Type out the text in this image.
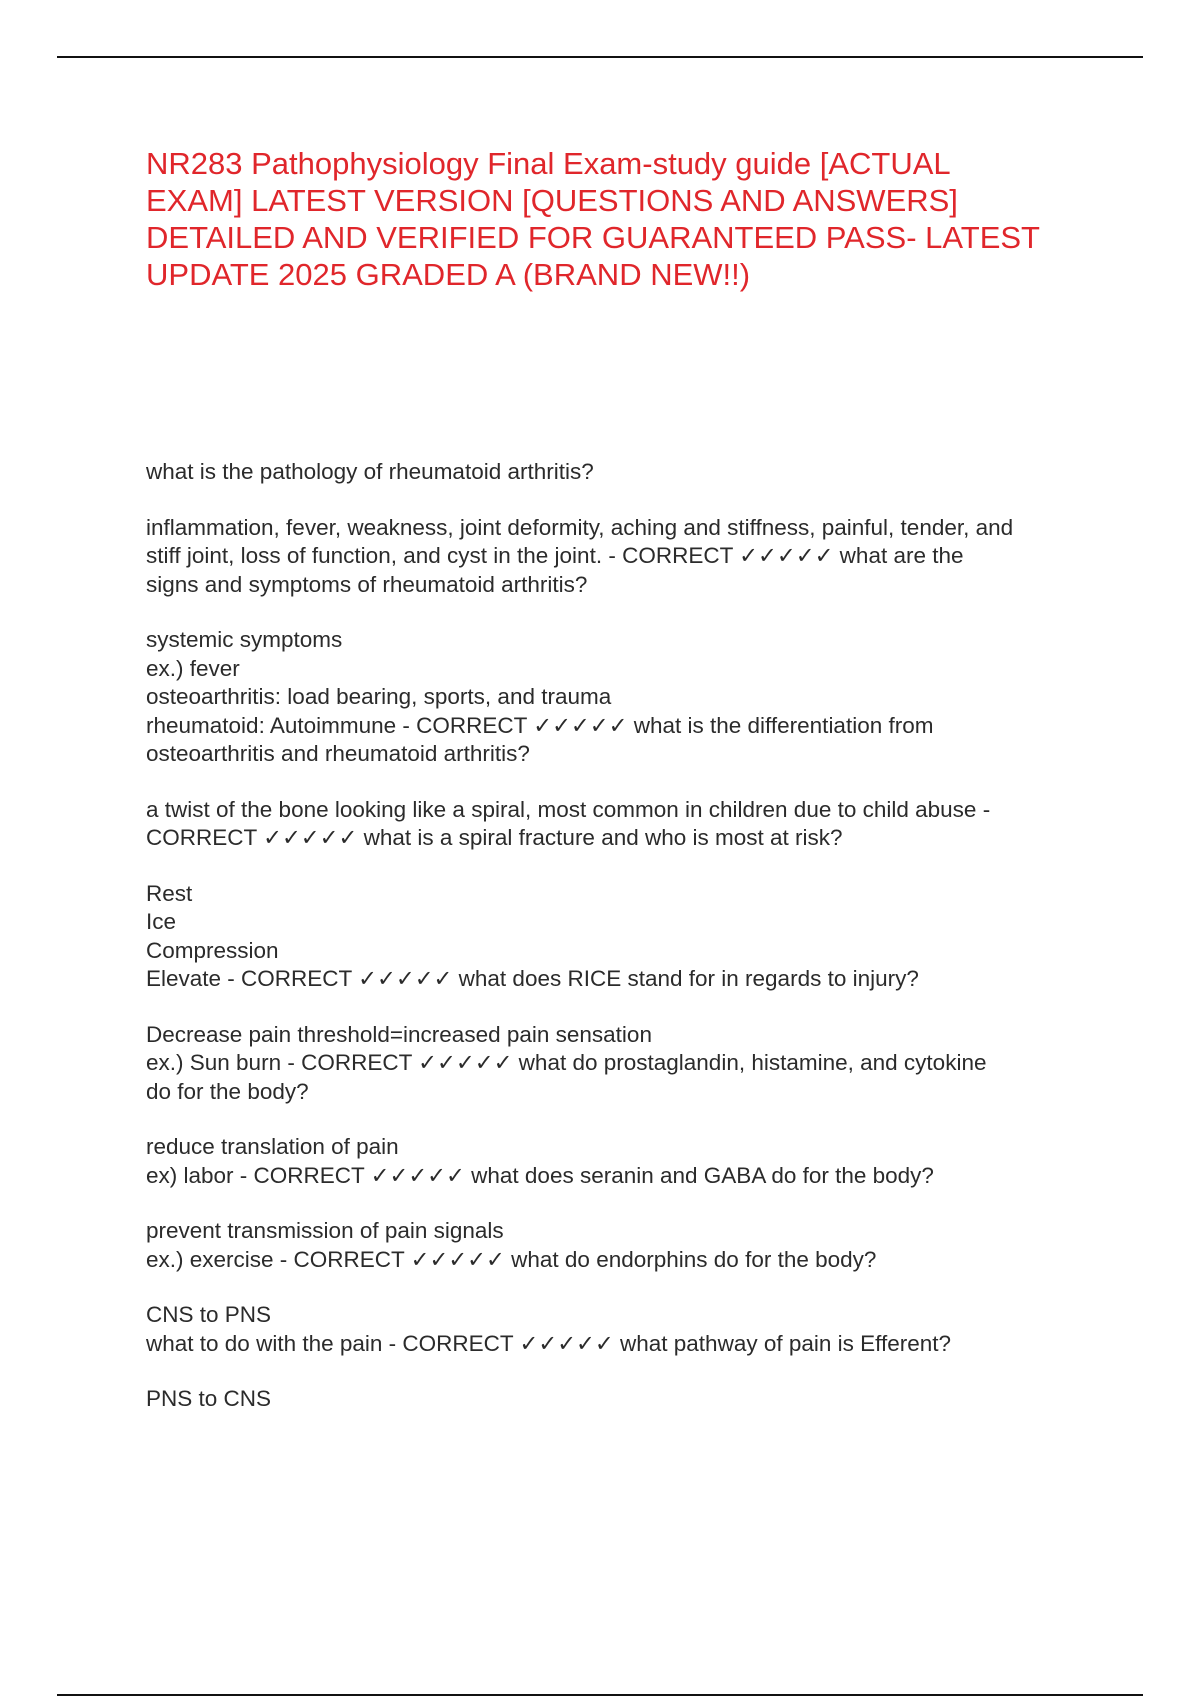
NR283 Pathophysiology Final Exam-study guide [ACTUAL
EXAM] LATEST VERSION [QUESTIONS AND ANSWERS]
DETAILED AND VERIFIED FOR GUARANTEED PASS- LATEST
UPDATE 2025 GRADED A (BRAND NEW!!)
what is the pathology of rheumatoid arthritis?
inflammation, fever, weakness, joint deformity, aching and stiffness, painful, tender, and
stiff joint, loss of function, and cyst in the joint. - CORRECT ✓✓✓✓✓ what are the
signs and symptoms of rheumatoid arthritis?
systemic symptoms
ex.) fever
osteoarthritis: load bearing, sports, and trauma
rheumatoid: Autoimmune - CORRECT ✓✓✓✓✓ what is the differentiation from
osteoarthritis and rheumatoid arthritis?
a twist of the bone looking like a spiral, most common in children due to child abuse -
CORRECT ✓✓✓✓✓ what is a spiral fracture and who is most at risk?
Rest
Ice
Compression
Elevate - CORRECT ✓✓✓✓✓ what does RICE stand for in regards to injury?
Decrease pain threshold=increased pain sensation
ex.) Sun burn - CORRECT ✓✓✓✓✓ what do prostaglandin, histamine, and cytokine
do for the body?
reduce translation of pain
ex) labor - CORRECT ✓✓✓✓✓ what does seranin and GABA do for the body?
prevent transmission of pain signals
ex.) exercise - CORRECT ✓✓✓✓✓ what do endorphins do for the body?
CNS to PNS
what to do with the pain - CORRECT ✓✓✓✓✓ what pathway of pain is Efferent?
PNS to CNS
